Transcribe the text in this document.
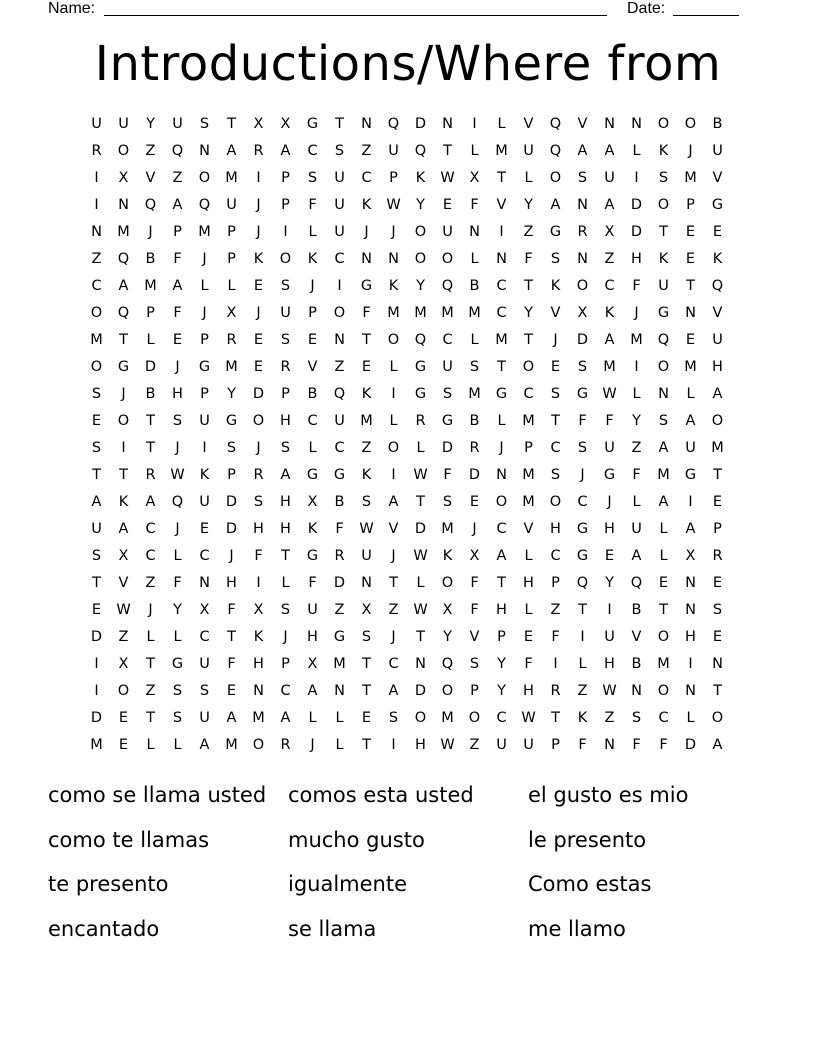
Name:	Date:
Introductions/Where from
U	U	Y	U	S	T	X	X	G	T	N	Q	D	N	I	L	V	Q	V	N	N	O	O	B
R	O	Z	Q	N	A	R	A	C	S	Z	U	Q	T	L	M	U	Q	A	A	L	K	J	U
I	X	V	Z	O	M	I	P	S	U	C	P	K	W	X	T	L	O	S	U	I	S	M	V
I	N	Q	A	Q	U	J	P	F	U	K	W	Y	E	F	V	Y	A	N	A	D	O	P	G
N	M	J	P	M	P	J	I	L	U	J	J	O	U	N	I	Z	G	R	X	D	T	E	E
Z	Q	B	F	J	P	K	O	K	C	N	N	O	O	L	N	F	S	N	Z	H	K	E	K
C	A	M	A	L	L	E	S	J	I	G	K	Y	Q	B	C	T	K	O	C	F	U	T	Q
O	Q	P	F	J	X	J	U	P	O	F	M M M M	C	Y	V	X	K	J	G	N	V
M	T	L	E	P	R	E	S	E	N	T	O	Q	C	L	M	T	J	D	A	M	Q	E	U
O	G	D	J	G	M	E	R	V	Z	E	L	G	U	S	T	O	E	S	M	I	O	M	H
S	J	B	H	P	Y	D	P	B	Q	K	I	G	S	M	G	C	S	G W	L	N	L	A
E	O	T	S	U	G	O	H	C	U	M	L	R	G	B	L	M	T	F	F	Y	S	A	O
S	I	T	J	I	S	J	S	L	C	Z	O	L	D	R	J	P	C	S	U	Z	A	U	M
T	T	R	W	K	P	R	A	G	G	K	I	W	F	D	N	M	S	J	G	F	M	G	T
A	K	A	Q	U	D	S	H	X	B	S	A	T	S	E	O	M	O	C	J	L	A	I	E
U	A	C	J	E	D	H	H	K	F	W	V	D	M	J	C	V	H	G	H	U	L	A	P
S	X	C	L	C	J	F	T	G	R	U	J	W	K	X	A	L	C	G	E	A	L	X	R
T	V	Z	F	N	H	I	L	F	D	N	T	L	O	F	T	H	P	Q	Y	Q	E	N	E
E	W	J	Y	X	F	X	S	U	Z	X	Z	W	X	F	H	L	Z	T	I	B	T	N	S
D	Z	L	L	C	T	K	J	H	G	S	J	T	Y	V	P	E	F	I	U	V	O	H	E
I	X	T	G	U	F	H	P	X	M	T	C	N	Q	S	Y	F	I	L	H	B	M	I	N
I	O	Z	S	S	E	N	C	A	N	T	A	D	O	P	Y	H	R	Z	W N	O	N	T
D	E	T	S	U	A	M	A	L	L	E	S	O	M	O	C	W	T	K	Z	S	C	L	O
M	E	L	L	A	M	O	R	J	L	T	I	H W	Z	U	U	P	F	N	F	F	D	A
como se llama usted	comos esta usted	el gusto es mio
como te llamas	mucho gusto	le presento
te presento	igualmente	Como estas
encantado	se llama	me llamo
